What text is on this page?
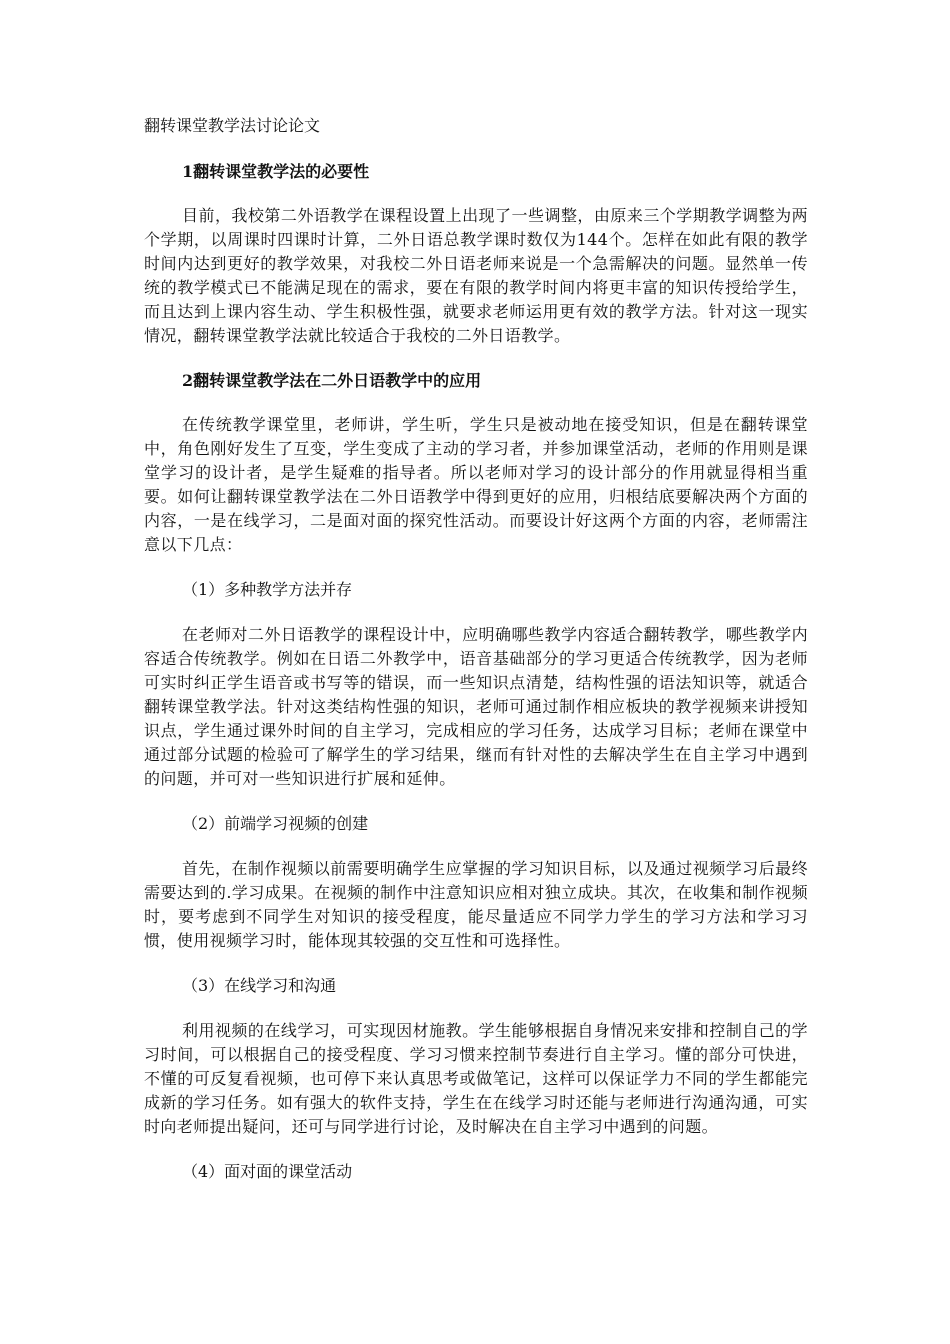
翻转课堂教学法讨论论文
1翻转课堂教学法的必要性
目前，我校第二外语教学在课程设置上出现了一些调整，由原来三个学期教学调整为两个学期，以周课时四课时计算，二外日语总教学课时数仅为144个。怎样在如此有限的教学时间内达到更好的教学效果，对我校二外日语老师来说是一个急需解决的问题。显然单一传统的教学模式已不能满足现在的需求，要在有限的教学时间内将更丰富的知识传授给学生，而且达到上课内容生动、学生积极性强，就要求老师运用更有效的教学方法。针对这一现实情况，翻转课堂教学法就比较适合于我校的二外日语教学。
2翻转课堂教学法在二外日语教学中的应用
在传统教学课堂里，老师讲，学生听，学生只是被动地在接受知识，但是在翻转课堂中，角色刚好发生了互变，学生变成了主动的学习者，并参加课堂活动，老师的作用则是课堂学习的设计者，是学生疑难的指导者。所以老师对学习的设计部分的作用就显得相当重要。如何让翻转课堂教学法在二外日语教学中得到更好的应用，归根结底要解决两个方面的内容，一是在线学习，二是面对面的探究性活动。而要设计好这两个方面的内容，老师需注意以下几点：
（1）多种教学方法并存
在老师对二外日语教学的课程设计中，应明确哪些教学内容适合翻转教学，哪些教学内容适合传统教学。例如在日语二外教学中，语音基础部分的学习更适合传统教学，因为老师可实时纠正学生语音或书写等的错误，而一些知识点清楚，结构性强的语法知识等，就适合翻转课堂教学法。针对这类结构性强的知识，老师可通过制作相应板块的教学视频来讲授知识点，学生通过课外时间的自主学习，完成相应的学习任务，达成学习目标；老师在课堂中通过部分试题的检验可了解学生的学习结果，继而有针对性的去解决学生在自主学习中遇到的问题，并可对一些知识进行扩展和延伸。
（2）前端学习视频的创建
首先，在制作视频以前需要明确学生应掌握的学习知识目标，以及通过视频学习后最终需要达到的.学习成果。在视频的制作中注意知识应相对独立成块。其次，在收集和制作视频时，要考虑到不同学生对知识的接受程度，能尽量适应不同学力学生的学习方法和学习习惯，使用视频学习时，能体现其较强的交互性和可选择性。
（3）在线学习和沟通
利用视频的在线学习，可实现因材施教。学生能够根据自身情况来安排和控制自己的学习时间，可以根据自己的接受程度、学习习惯来控制节奏进行自主学习。懂的部分可快进，不懂的可反复看视频，也可停下来认真思考或做笔记，这样可以保证学力不同的学生都能完成新的学习任务。如有强大的软件支持，学生在在线学习时还能与老师进行沟通沟通，可实时向老师提出疑问，还可与同学进行讨论，及时解决在自主学习中遇到的问题。
（4）面对面的课堂活动
